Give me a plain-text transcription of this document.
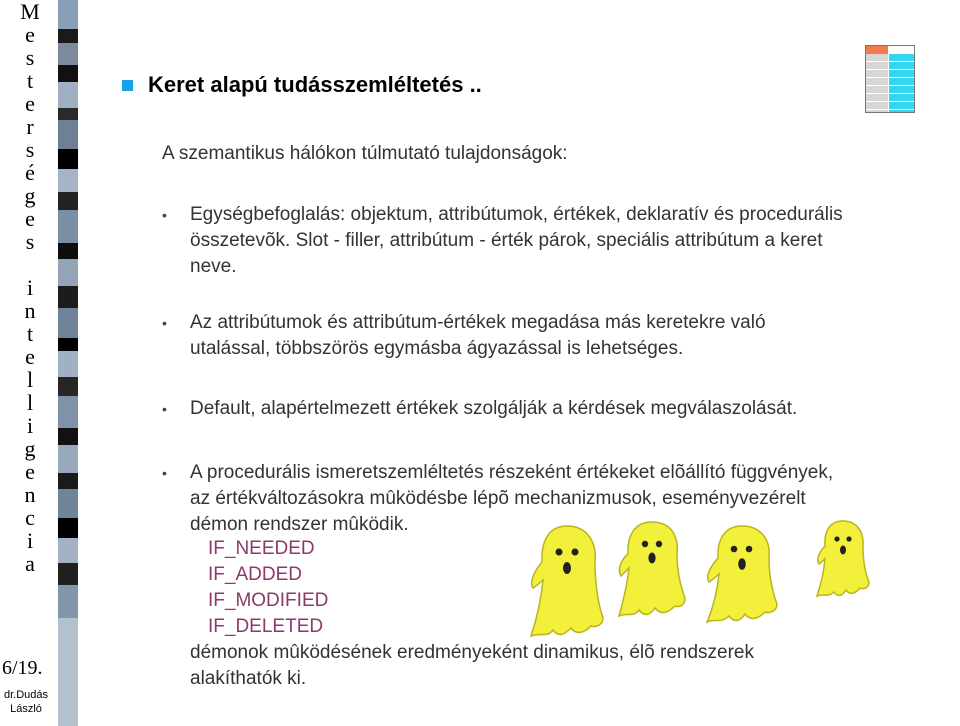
M
e
s
t
e
r
s
é
g
e
s
i
n
t
e
l
l
i
g
e
n
c
i
a
6/19.
dr.Dudás László
Keret alapú tudásszemléltetés ..
A szemantikus hálókon túlmutató tulajdonságok:
•	Egységbefoglalás: objektum, attribútumok, értékek, deklaratív és procedurális
összetevõk. Slot - filler, attribútum - érték párok, speciális attribútum a keret
neve.
•	Az attribútumok és attribútum-értékek megadása más keretekre való
utalással, többszörös egymásba ágyazással is lehetséges.
•	Default, alapértelmezett értékek szolgálják a kérdések megválaszolását.
•	A procedurális ismeretszemléltetés részeként értékeket elõállító függvények,
az értékváltozásokra mûködésbe lépõ mechanizmusok, eseményvezérelt
démon rendszer mûködik.
IF_NEEDED
IF_ADDED
IF_MODIFIED
IF_DELETED
démonok mûködésének eredményeként dinamikus, élõ rendszerek
alakíthatók ki.
